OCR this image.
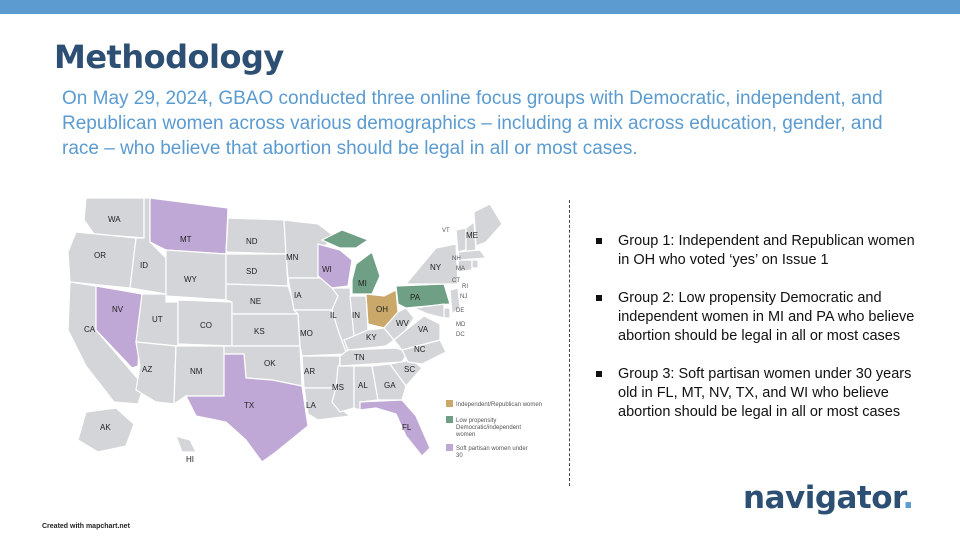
Methodology
On May 29, 2024, GBAO conducted three online focus groups with Democratic, independent, and Republican women across various demographics – including a mix across education, gender, and race – who believe that abortion should be legal in all or most cases.
WA
OR
CA
NV
ID
MT
WY
UT
CO
AZ	NM
ND
SD
NE
KS
OK
TX
MN
IA
MO
AR
LA
WI
IL
MI
IN
OH
KY
TN
MS AL GA
FL
SC
NC
VA
WV
PA
NY
ME
VT
NH
MA
RI
CT
NJ
DE
MD
DC
AK
HI
Independent/Republican women
Low propensity
Democratic/independent
women
Soft partisan women under
30
Group 1: Independent and Republican women in OH who voted ‘yes’ on Issue 1
Group 2: Low propensity Democratic and independent women in MI and PA who believe abortion should be legal in all or most cases
Group 3: Soft partisan women under 30 years old in FL, MT, NV, TX, and WI who believe abortion should be legal in all or most cases
navigator.
Created with mapchart.net
